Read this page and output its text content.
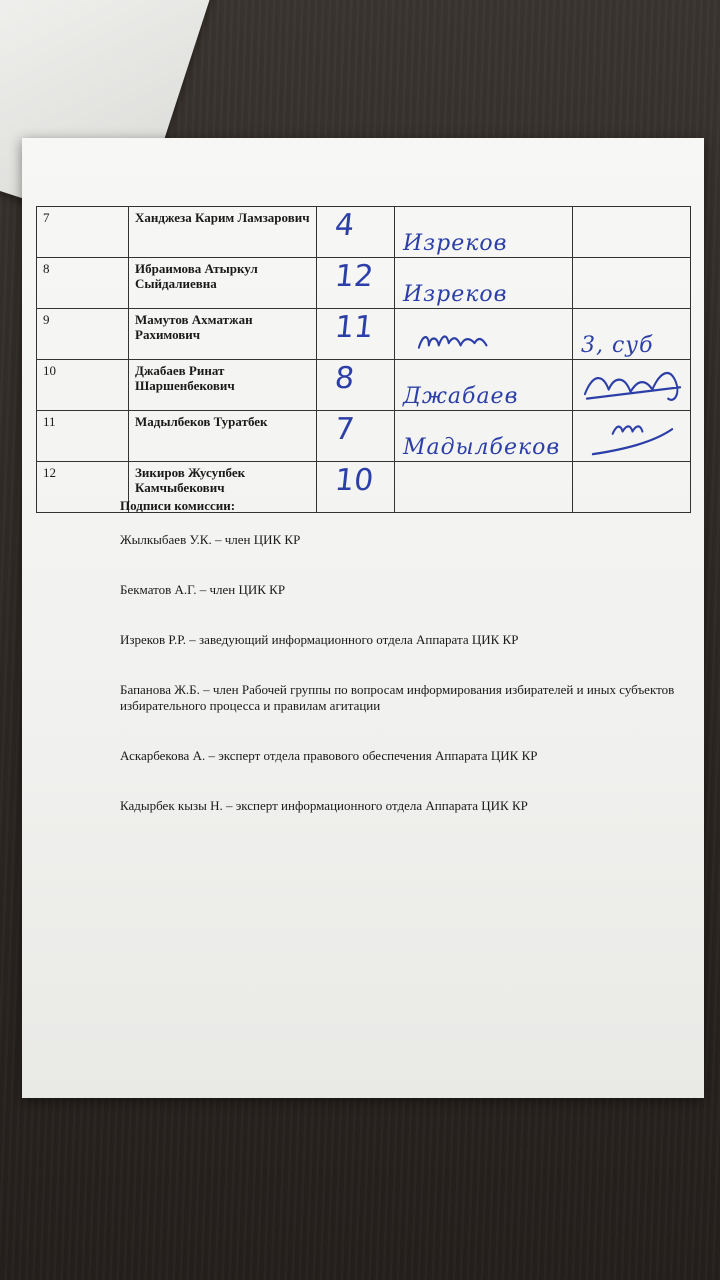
7	Ханджеза Карим Ламзарович	4	Изреков	

8	Ибраимова Атыркул Сыйдалиевна	12	Изреков	

9	Мамутов Ахматжан Рахимович	11		3, суб

10	Джабаев Ринат Шаршенбекович	8	Джабаев

11	Мадылбеков Туратбек	7	Мадылбеков

12	Зикиров Жусупбек Камчыбекович	10		

Подписи комиссии:
Жылкыбаев У.К. – член ЦИК КР
Бекматов А.Г. – член ЦИК КР
Изреков Р.Р. – заведующий информационного отдела Аппарата ЦИК КР
Бапанова Ж.Б. – член Рабочей группы по вопросам информирования избирателей и иных субъектов избирательного процесса и правилам агитации
Аскарбекова А. – эксперт отдела правового обеспечения Аппарата ЦИК КР
Кадырбек кызы Н. – эксперт информационного отдела Аппарата ЦИК КР
